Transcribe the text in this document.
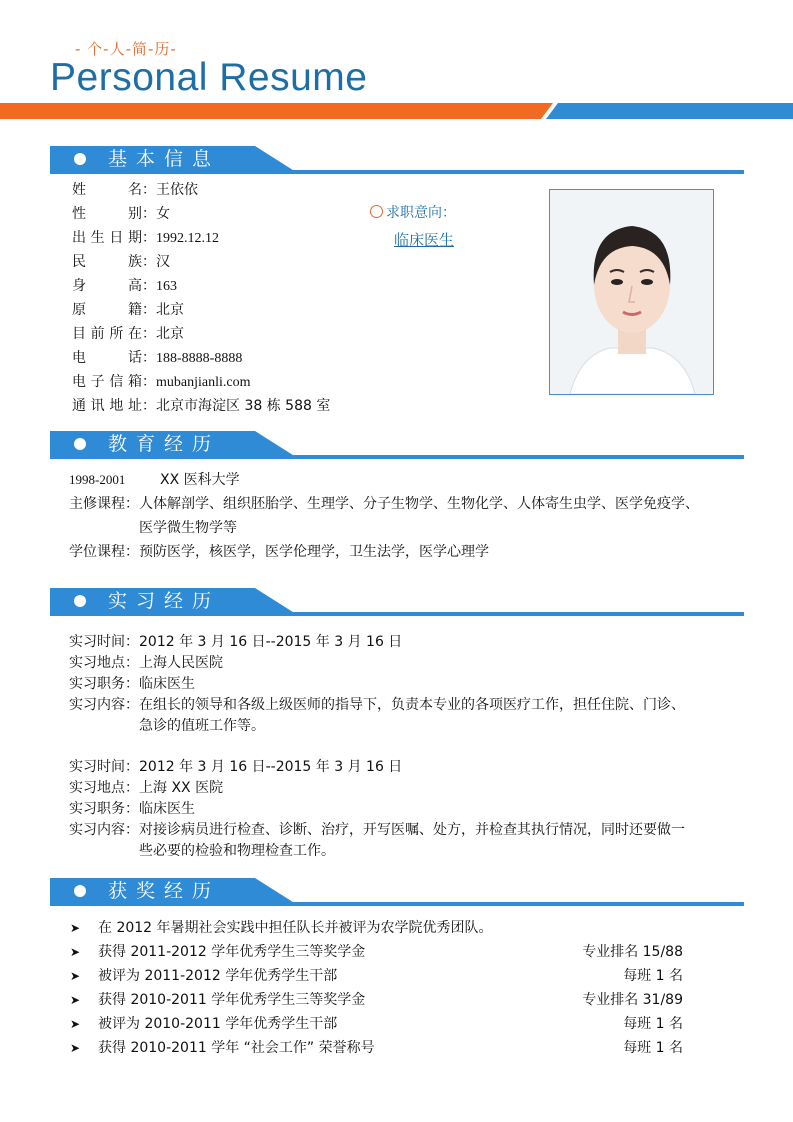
- 个-人-简-历-
Personal Resume
基本信息
姓名：王依依
性别：女
出生日期：1992.12.12
民族：汉
身高：163
原籍：北京
目前所在：北京
电话：188-8888-8888
电子信箱：mubanjianli.com
通讯地址：北京市海淀区 38 栋 588 室
求职意向：
临床医生
教育经历
1998-2001 XX 医科大学
主修课程： 人体解剖学、组织胚胎学、生理学、分子生物学、生物化学、人体寄生虫学、医学免疫学、
医学微生物学等
学位课程： 预防医学，核医学，医学伦理学，卫生法学，医学心理学
实习经历
实习时间： 2012 年 3 月 16 日--2015 年 3 月 16 日
实习地点： 上海人民医院
实习职务： 临床医生
实习内容： 在组长的领导和各级上级医师的指导下，负责本专业的各项医疗工作，担任住院、门诊、
急诊的值班工作等。
实习时间： 2012 年 3 月 16 日--2015 年 3 月 16 日
实习地点： 上海 XX 医院
实习职务： 临床医生
实习内容： 对接诊病员进行检查、诊断、治疗，开写医嘱、处方，并检查其执行情况，同时还要做一
些必要的检验和物理检查工作。
获奖经历
➤ 在 2012 年暑期社会实践中担任队长并被评为农学院优秀团队。
➤ 获得 2011-2012 学年优秀学生三等奖学金	专业排名 15/88
➤ 被评为 2011-2012 学年优秀学生干部	每班 1 名
➤ 获得 2010-2011 学年优秀学生三等奖学金	专业排名 31/89
➤ 被评为 2010-2011 学年优秀学生干部	每班 1 名
➤ 获得 2010-2011 学年 “社会工作” 荣誉称号	每班 1 名
